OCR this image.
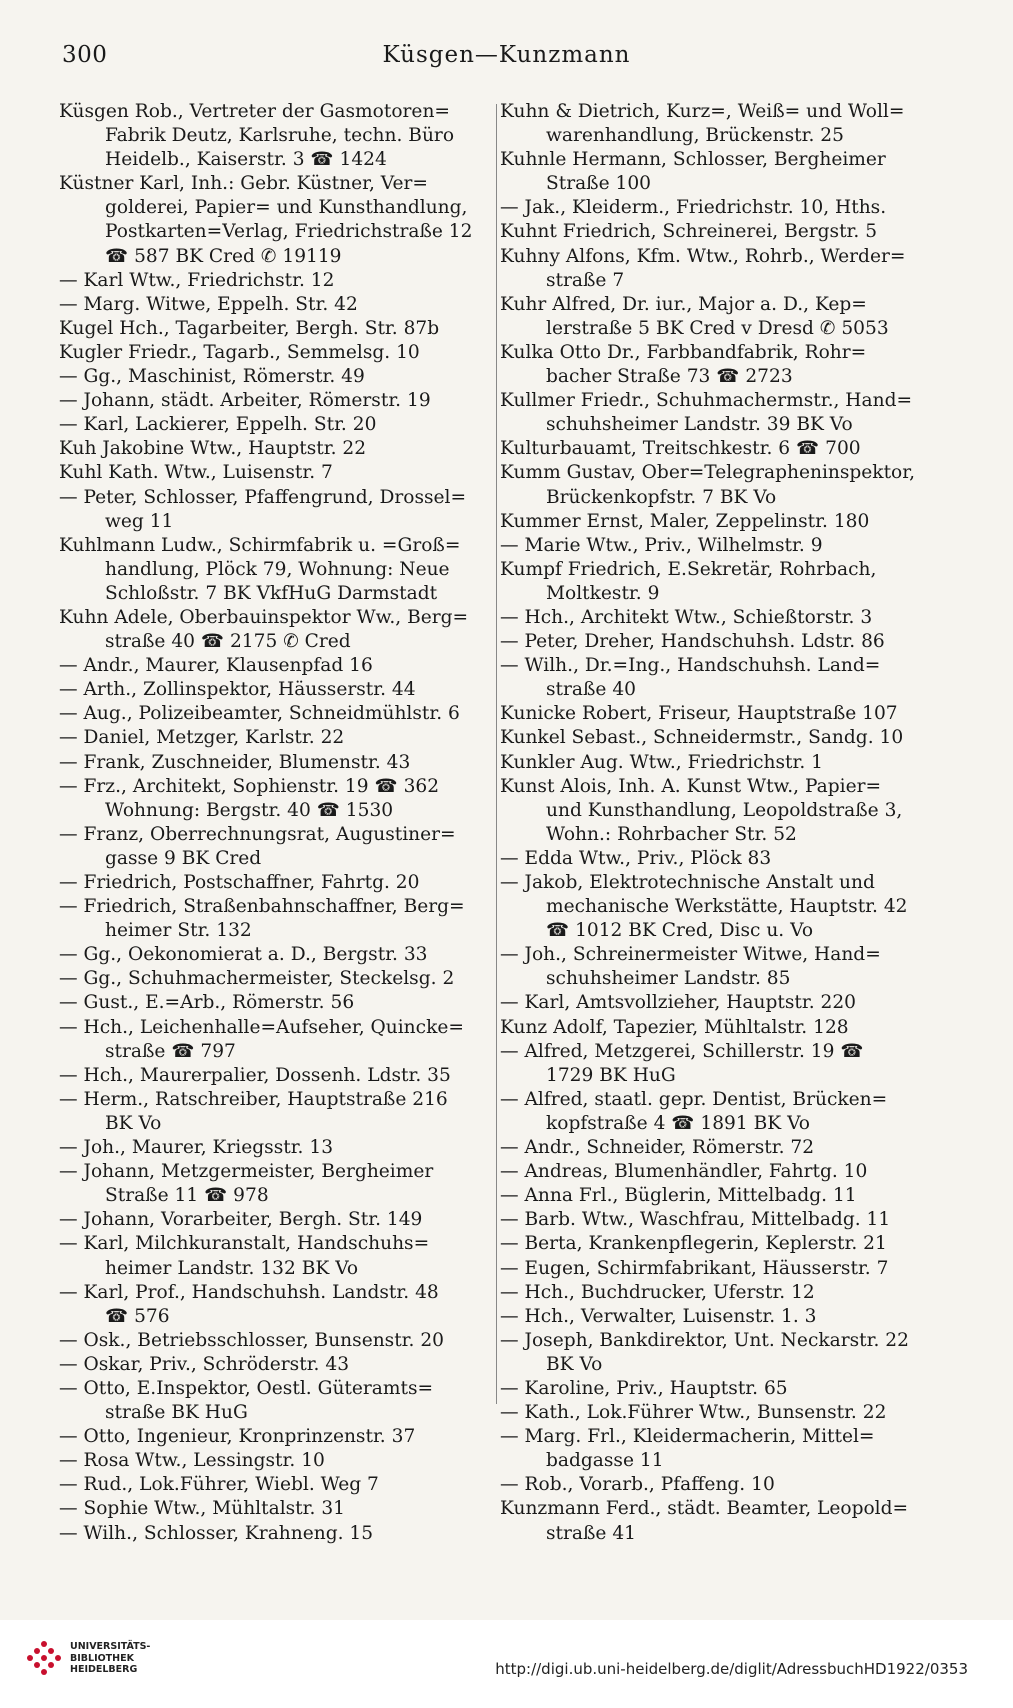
300	Küsgen—Kunzmann
Küsgen Rob., Vertreter der Gasmotoren=
Fabrik Deutz, Karlsruhe, techn. Büro
Heidelb., Kaiserstr. 3 ☎ 1424
Küstner Karl, Inh.: Gebr. Küstner, Ver=
golderei, Papier= und Kunsthandlung,
Postkarten=Verlag, Friedrichstraße 12
☎ 587 BK Cred ✆ 19119
— Karl Wtw., Friedrichstr. 12
— Marg. Witwe, Eppelh. Str. 42
Kugel Hch., Tagarbeiter, Bergh. Str. 87b
Kugler Friedr., Tagarb., Semmelsg. 10
— Gg., Maschinist, Römerstr. 49
— Johann, städt. Arbeiter, Römerstr. 19
— Karl, Lackierer, Eppelh. Str. 20
Kuh Jakobine Wtw., Hauptstr. 22
Kuhl Kath. Wtw., Luisenstr. 7
— Peter, Schlosser, Pfaffengrund, Drossel=
weg 11
Kuhlmann Ludw., Schirmfabrik u. =Groß=
handlung, Plöck 79, Wohnung: Neue
Schloßstr. 7 BK VkfHuG Darmstadt
Kuhn Adele, Oberbauinspektor Ww., Berg=
straße 40 ☎ 2175 ✆ Cred
— Andr., Maurer, Klausenpfad 16
— Arth., Zollinspektor, Häusserstr. 44
— Aug., Polizeibeamter, Schneidmühlstr. 6
— Daniel, Metzger, Karlstr. 22
— Frank, Zuschneider, Blumenstr. 43
— Frz., Architekt, Sophienstr. 19 ☎ 362
Wohnung: Bergstr. 40 ☎ 1530
— Franz, Oberrechnungsrat, Augustiner=
gasse 9 BK Cred
— Friedrich, Postschaffner, Fahrtg. 20
— Friedrich, Straßenbahnschaffner, Berg=
heimer Str. 132
— Gg., Oekonomierat a. D., Bergstr. 33
— Gg., Schuhmachermeister, Steckelsg. 2
— Gust., E.=Arb., Römerstr. 56
— Hch., Leichenhalle=Aufseher, Quincke=
straße ☎ 797
— Hch., Maurerpalier, Dossenh. Ldstr. 35
— Herm., Ratschreiber, Hauptstraße 216
BK Vo
— Joh., Maurer, Kriegsstr. 13
— Johann, Metzgermeister, Bergheimer
Straße 11 ☎ 978
— Johann, Vorarbeiter, Bergh. Str. 149
— Karl, Milchkuranstalt, Handschuhs=
heimer Landstr. 132 BK Vo
— Karl, Prof., Handschuhsh. Landstr. 48
☎ 576
— Osk., Betriebsschlosser, Bunsenstr. 20
— Oskar, Priv., Schröderstr. 43
— Otto, E.Inspektor, Oestl. Güteramts=
straße BK HuG
— Otto, Ingenieur, Kronprinzenstr. 37
— Rosa Wtw., Lessingstr. 10
— Rud., Lok.Führer, Wiebl. Weg 7
— Sophie Wtw., Mühltalstr. 31
— Wilh., Schlosser, Krahneng. 15
Kuhn & Dietrich, Kurz=, Weiß= und Woll=
warenhandlung, Brückenstr. 25
Kuhnle Hermann, Schlosser, Bergheimer
Straße 100
— Jak., Kleiderm., Friedrichstr. 10, Hths.
Kuhnt Friedrich, Schreinerei, Bergstr. 5
Kuhny Alfons, Kfm. Wtw., Rohrb., Werder=
straße 7
Kuhr Alfred, Dr. iur., Major a. D., Kep=
lerstraße 5 BK Cred v Dresd ✆ 5053
Kulka Otto Dr., Farbbandfabrik, Rohr=
bacher Straße 73 ☎ 2723
Kullmer Friedr., Schuhmachermstr., Hand=
schuhsheimer Landstr. 39 BK Vo
Kulturbauamt, Treitschkestr. 6 ☎ 700
Kumm Gustav, Ober=Telegrapheninspektor,
Brückenkopfstr. 7 BK Vo
Kummer Ernst, Maler, Zeppelinstr. 180
— Marie Wtw., Priv., Wilhelmstr. 9
Kumpf Friedrich, E.Sekretär, Rohrbach,
Moltkestr. 9
— Hch., Architekt Wtw., Schießtorstr. 3
— Peter, Dreher, Handschuhsh. Ldstr. 86
— Wilh., Dr.=Ing., Handschuhsh. Land=
straße 40
Kunicke Robert, Friseur, Hauptstraße 107
Kunkel Sebast., Schneidermstr., Sandg. 10
Kunkler Aug. Wtw., Friedrichstr. 1
Kunst Alois, Inh. A. Kunst Wtw., Papier=
und Kunsthandlung, Leopoldstraße 3,
Wohn.: Rohrbacher Str. 52
— Edda Wtw., Priv., Plöck 83
— Jakob, Elektrotechnische Anstalt und
mechanische Werkstätte, Hauptstr. 42
☎ 1012 BK Cred, Disc u. Vo
— Joh., Schreinermeister Witwe, Hand=
schuhsheimer Landstr. 85
— Karl, Amtsvollzieher, Hauptstr. 220
Kunz Adolf, Tapezier, Mühltalstr. 128
— Alfred, Metzgerei, Schillerstr. 19 ☎
1729 BK HuG
— Alfred, staatl. gepr. Dentist, Brücken=
kopfstraße 4 ☎ 1891 BK Vo
— Andr., Schneider, Römerstr. 72
— Andreas, Blumenhändler, Fahrtg. 10
— Anna Frl., Büglerin, Mittelbadg. 11
— Barb. Wtw., Waschfrau, Mittelbadg. 11
— Berta, Krankenpflegerin, Keplerstr. 21
— Eugen, Schirmfabrikant, Häusserstr. 7
— Hch., Buchdrucker, Uferstr. 12
— Hch., Verwalter, Luisenstr. 1. 3
— Joseph, Bankdirektor, Unt. Neckarstr. 22
BK Vo
— Karoline, Priv., Hauptstr. 65
— Kath., Lok.Führer Wtw., Bunsenstr. 22
— Marg. Frl., Kleidermacherin, Mittel=
badgasse 11
— Rob., Vorarb., Pfaffeng. 10
Kunzmann Ferd., städt. Beamter, Leopold=
straße 41
UNIVERSITÄTS-
BIBLIOTHEK
HEIDELBERG	http://digi.ub.uni-heidelberg.de/diglit/AdressbuchHD1922/0353
